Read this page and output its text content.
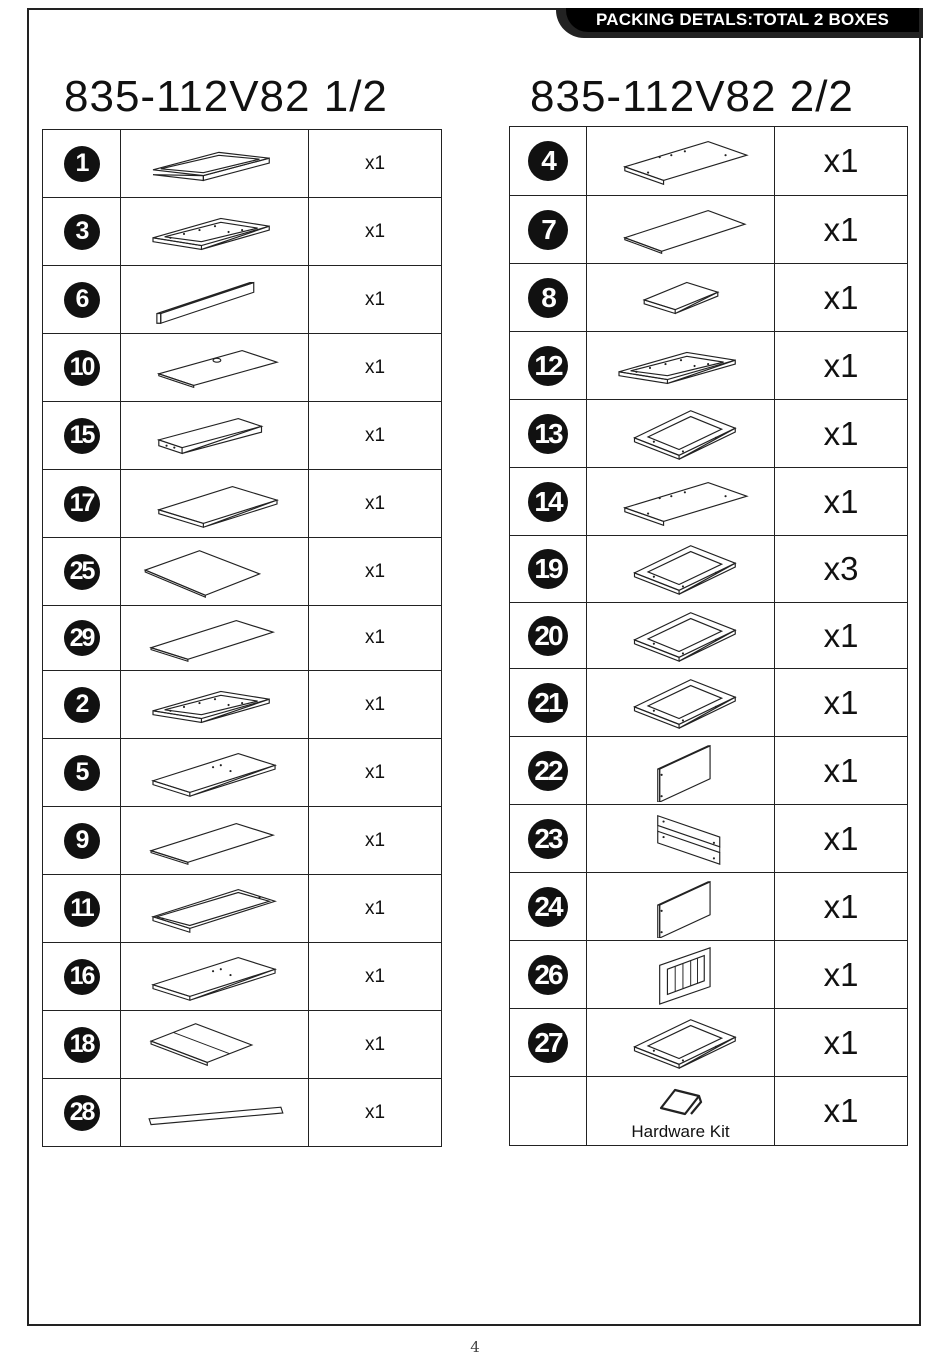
PACKING DETALS:TOTAL 2 BOXES
835-112V82 1/2	835-112V82 2/2
1		x1
3		x1
6		x1
10		x1
15		x1
17		x1
25		x1
29		x1
2		x1
5		x1
9		x1
11		x1
16		x1
18		x1
28		x1
4		x1
7		x1
8		x1
12		x1
13		x1
14		x1
19		x3
20		x1
21		x1
22		x1
23		x1
24		x1
26		x1
27		x1

	Hardware Kit	x1
4
